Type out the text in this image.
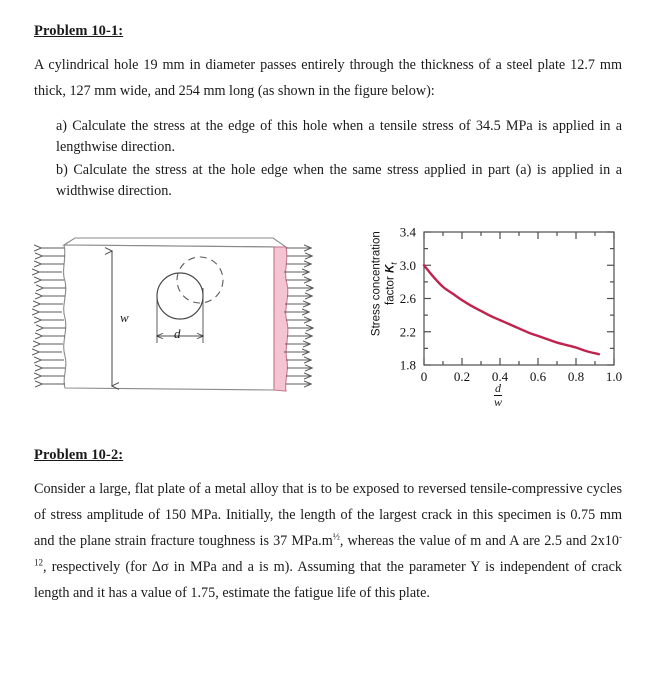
Problem 10-1:

A cylindrical hole 19 mm in diameter passes entirely through the thickness of a steel plate 12.7 mm thick, 127 mm wide, and 254 mm long (as shown in the figure below):

a) Calculate the stress at the edge of this hole when a tensile stress of 34.5 MPa is applied in a lengthwise direction.

b) Calculate the stress at the hole edge when the same stress applied in part (a) is applied in a widthwise direction.

w
d	Stress concentration factor $K_t$
0 0.2 0.4 0.6 0.8 1.0
1.8
2.2
2.6
3.0
3.4
$\frac{d}{w}$
Problem 10-2:

Consider a large, flat plate of a metal alloy that is to be exposed to reversed tensile-compressive cycles of stress amplitude of 150 MPa. Initially, the length of the largest crack in this specimen is 0.75 mm and the plane strain fracture toughness is 37 $MPa.m^{\frac{1}{2}}$, whereas the value of m and A are 2.5 and $2x10^{-12}$, respectively (for Δσ in MPa and a is m). Assuming that the parameter Y is independent of crack length and it has a value of 1.75, estimate the fatigue life of this plate.
